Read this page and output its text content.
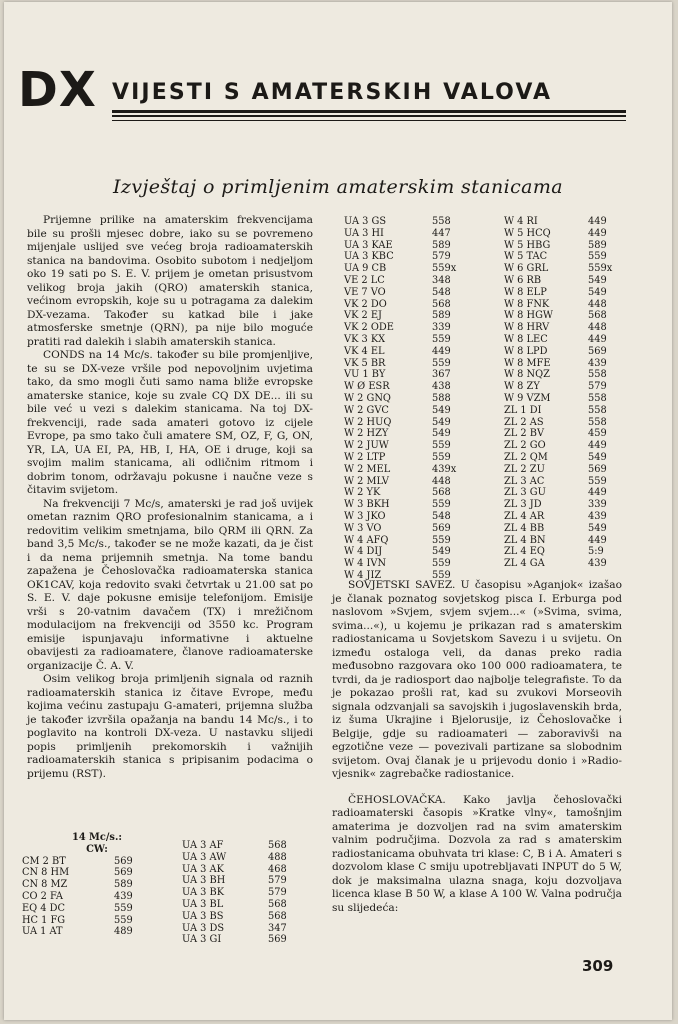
DX VIJESTI S AMATERSKIH VALOVA
Izvještaj o primljenim amaterskim stanicama

Prijemne prilike na amaterskim frekvencijama bile su prošli mjesec dobre, iako su se povremeno mijenjale uslijed sve većeg broja radioamaterskih stanica na bandovima. Osobito subotom i nedjeljom oko 19 sati po S. E. V. prijem je ometan prisustvom velikog broja jakih (QRO) amaterskih stanica, većinom evropskih, koje su u potragama za dalekim DX-vezama. Također su katkad bile i jake atmosferske smetnje (QRN), pa nije bilo moguće pratiti rad dalekih i slabih amaterskih stanica.

CONDS na 14 Mc/s. također su bile promjenljive, te su se DX-veze vršile pod nepovoljnim uvjetima tako, da smo mogli čuti samo nama bliže evropske amaterske stanice, koje su zvale CQ DX DE... ili su bile već u vezi s dalekim stanicama. Na toj DX-frekvenciji, rade sada amateri gotovo iz cijele Evrope, pa smo tako čuli amatere SM, OZ, F, G, ON, YR, LA, UA EI, PA, HB, I, HA, OE i druge, koji sa svojim malim stanicama, ali odličnim ritmom i dobrim tonom, održavaju pokusne i naučne veze s čitavim svijetom.

Na frekvenciji 7 Mc/s, amaterski je rad još uvijek ometan raznim QRO profesionalnim stanicama, a i redovitim velikim smetnjama, bilo QRM ili QRN. Za band 3,5 Mc/s., također se ne može kazati, da je čist i da nema prijemnih smetnja. Na tome bandu zapažena je Čehoslovačka radioamaterska stanica OK1CAV, koja redovito svaki četvrtak u 21.00 sat po S. E. V. daje pokusne emisije telefonijom. Emisije vrši s 20-vatnim davačem (TX) i mrežičnom modulacijom na frekvenciji od 3550 kc. Program emisije ispunjavaju informativne i aktuelne obavijesti za radioamatere, članove radioamaterske organizacije Č. A. V.

Osim velikog broja primljenih signala od raznih radioamaterskih stanica iz čitave Evrope, među kojima većinu zastupaju G-amateri, prijemna služba je također izvršila opažanja na bandu 14 Mc/s., i to poglavito na kontroli DX-veza. U nastavku slijedi popis primljenih prekomorskih i važnijih radioamaterskih stanica s pripisanim podacima o prijemu (RST).

14 Mc/s.:
CW:
CM 2 BT	569
CN 8 HM	569
CN 8 MZ	589
CO 2 FA	439
EQ 4 DC	559
HC 1 FG	559
UA 1 AT	489
UA 3 AF	568
UA 3 AW	488
UA 3 AK	468
UA 3 BH	579
UA 3 BK	579
UA 3 BL	568
UA 3 BS	568
UA 3 DS	347
UA 3 GI	569
UA 3 GS	558
UA 3 HI	447
UA 3 KAE	589
UA 3 KBC	579
UA 9 CB	559x
VE 2 LC	348
VE 7 VO	548
VK 2 DO	568
VK 2 EJ	589
VK 2 ODE	339
VK 3 KX	559
VK 4 EL	449
VK 5 BR	559
VU 1 BY	367
W Ø ESR	438
W 2 GNQ	588
W 2 GVC	549
W 2 HUQ	549
W 2 HZY	549
W 2 JUW	559
W 2 LTP	559
W 2 MEL	439x
W 2 MLV	448
W 2 YK	568
W 3 BKH	559
W 3 JKO	548
W 3 VO	569
W 4 AFQ	559
W 4 DIJ	549
W 4 IVN	559
W 4 JIZ	559
W 4 RI	449
W 5 HCQ	449
W 5 HBG	589
W 5 TAC	559
W 6 GRL	559x
W 6 RB	549
W 8 ELP	549
W 8 FNK	448
W 8 HGW	568
W 8 HRV	448
W 8 LEC	449
W 8 LPD	569
W 8 MFE	439
W 8 NQZ	558
W 8 ZY	579
W 9 VZM	558
ZL 1 DI	558
ZL 2 AS	558
ZL 2 BV	459
ZL 2 GO	449
ZL 2 QM	549
ZL 2 ZU	569
ZL 3 AC	559
ZL 3 GU	449
ZL 3 JD	339
ZL 4 AR	439
ZL 4 BB	549
ZL 4 BN	449
ZL 4 EQ	5:9
ZL 4 GA	439

SOVJETSKI SAVEZ. U časopisu »Aganjok« izašao je članak poznatog sovjetskog pisca I. Erburga pod naslovom »Svjem, svjem svjem...« (»Svima, svima, svima...«), u kojemu je prikazan rad s amaterskim radiostanicama u Sovjetskom Savezu i u svijetu. On između ostaloga veli, da danas preko radia međusobno razgovara oko 100 000 radioamatera, te tvrdi, da je radiosport dao najbolje telegrafiste. To da je pokazao prošli rat, kad su zvukovi Morseovih signala odzvanjali sa savojskih i jugoslavenskih brda, iz šuma Ukrajine i Bjelorusije, iz Čehoslovačke i Belgije, gdje su radioamateri — zaboravivši na egzotične veze — povezivali partizane sa slobodnim svijetom. Ovaj članak je u prijevodu donio i »Radio-vjesnik« zagrebačke radiostanice.

ČEHOSLOVAČKA. Kako javlja čehoslovački radioamaterski časopis »Kratke vlny«, tamošnjim amaterima je dozvoljen rad na svim amaterskim valnim područjima. Dozvola za rad s amaterskim radiostanicama obuhvata tri klase: C, B i A. Amateri s dozvolom klase C smiju upotrebljavati INPUT do 5 W, dok je maksimalna ulazna snaga, koju dozvoljava licenca klase B 50 W, a klase A 100 W. Valna područja su slijedeća:

309
